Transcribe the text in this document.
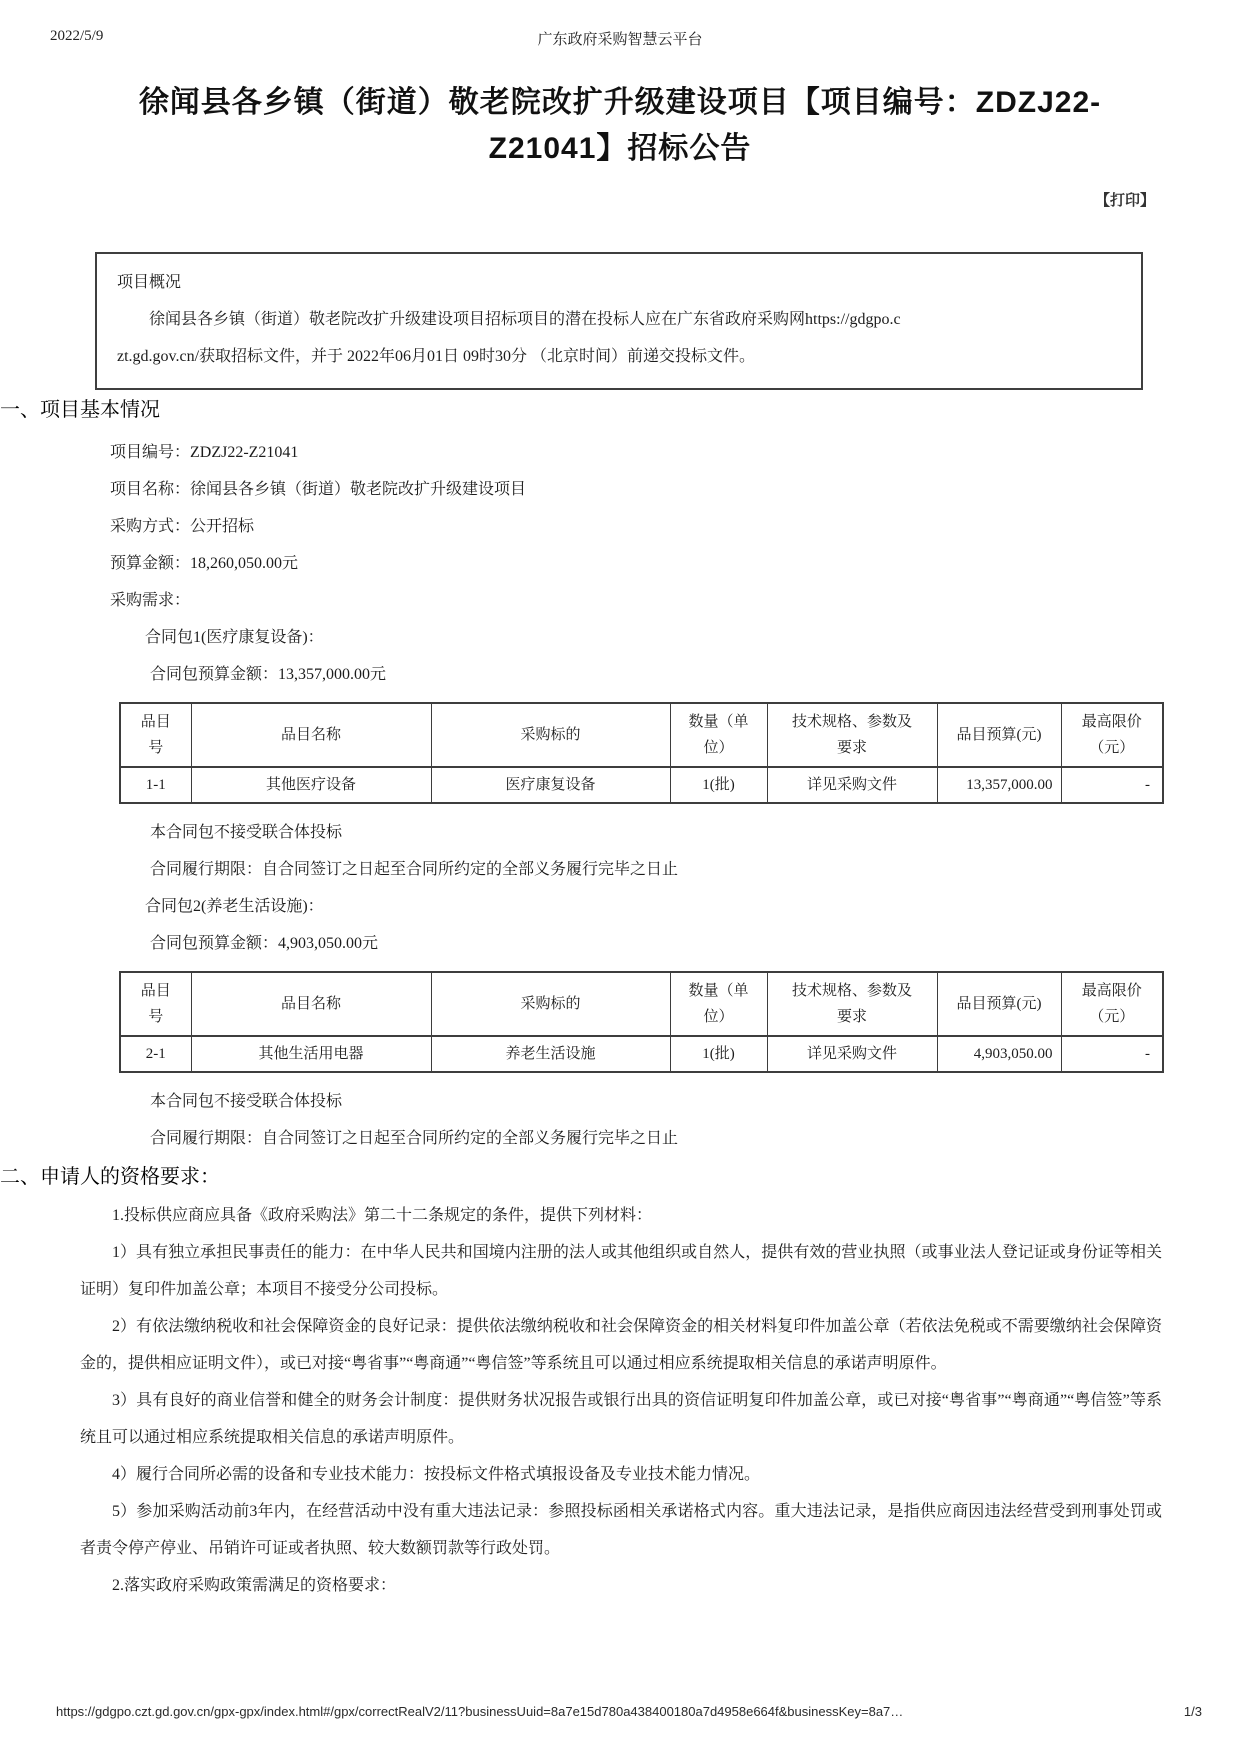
2022/5/9	广东政府采购智慧云平台
徐闻县各乡镇（街道）敬老院改扩升级建设项目【项目编号：ZDZJ22-
Z21041】招标公告
【打印】
项目概况

徐闻县各乡镇（街道）敬老院改扩升级建设项目招标项目的潜在投标人应在广东省政府采购网https://gdgpo.c

zt.gd.gov.cn/获取招标文件，并于 2022年06月01日 09时30分 （北京时间）前递交投标文件。

一、项目基本情况
项目编号：ZDZJ22-Z21041
项目名称：徐闻县各乡镇（街道）敬老院改扩升级建设项目
采购方式：公开招标
预算金额：18,260,050.00元
采购需求：
合同包1(医疗康复设备)：
合同包预算金额：13,357,000.00元
品目号	品目名称	采购标的	数量（单位）	技术规格、参数及要求	品目预算(元)	最高限价（元）
1-1	其他医疗设备	医疗康复设备	1(批)	详见采购文件	13,357,000.00	-
本合同包不接受联合体投标
合同履行期限：自合同签订之日起至合同所约定的全部义务履行完毕之日止
合同包2(养老生活设施)：
合同包预算金额：4,903,050.00元
品目号	品目名称	采购标的	数量（单位）	技术规格、参数及要求	品目预算(元)	最高限价（元）
2-1	其他生活用电器	养老生活设施	1(批)	详见采购文件	4,903,050.00	-
本合同包不接受联合体投标
合同履行期限：自合同签订之日起至合同所约定的全部义务履行完毕之日止
二、申请人的资格要求：

1.投标供应商应具备《政府采购法》第二十二条规定的条件，提供下列材料：

1）具有独立承担民事责任的能力：在中华人民共和国境内注册的法人或其他组织或自然人，提供有效的营业执照（或事业法人登记证或身份证等相关证明）复印件加盖公章；本项目不接受分公司投标。

2）有依法缴纳税收和社会保障资金的良好记录：提供依法缴纳税收和社会保障资金的相关材料复印件加盖公章（若依法免税或不需要缴纳社会保障资金的，提供相应证明文件），或已对接“粤省事”“粤商通”“粤信签”等系统且可以通过相应系统提取相关信息的承诺声明原件。

3）具有良好的商业信誉和健全的财务会计制度：提供财务状况报告或银行出具的资信证明复印件加盖公章，或已对接“粤省事”“粤商通”“粤信签”等系统且可以通过相应系统提取相关信息的承诺声明原件。

4）履行合同所必需的设备和专业技术能力：按投标文件格式填报设备及专业技术能力情况。

5）参加采购活动前3年内，在经营活动中没有重大违法记录：参照投标函相关承诺格式内容。重大违法记录，是指供应商因违法经营受到刑事处罚或者责令停产停业、吊销许可证或者执照、较大数额罚款等行政处罚。

2.落实政府采购政策需满足的资格要求：

https://gdgpo.czt.gd.gov.cn/gpx-gpx/index.html#/gpx/correctRealV2/11?businessUuid=8a7e15d780a438400180a7d4958e664f&businessKey=8a7…	1/3
